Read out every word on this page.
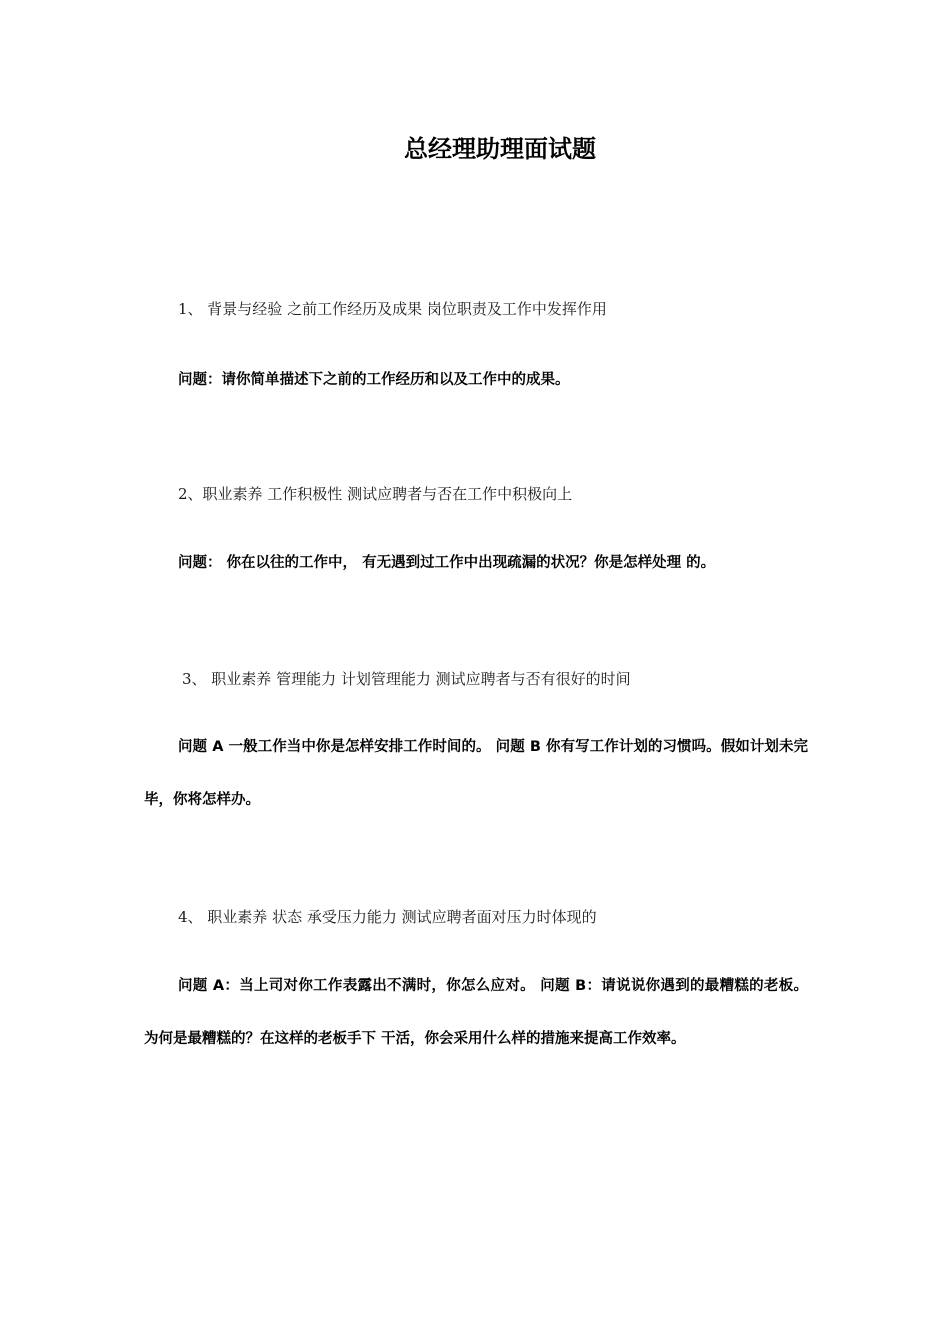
总经理助理面试题
1、 背景与经验 之前工作经历及成果 岗位职责及工作中发挥作用
问题：请你简单描述下之前的工作经历和以及工作中的成果。
2、职业素养 工作积极性 测试应聘者与否在工作中积极向上
问题： 你在以往的工作中， 有无遇到过工作中出现疏漏的状况？你是怎样处理 的。
3、 职业素养 管理能力 计划管理能力 测试应聘者与否有很好的时间
问题 A 一般工作当中你是怎样安排工作时间的。 问题 B 你有写工作计划的习惯吗。假如计划未完毕，你将怎样办。
4、 职业素养 状态 承受压力能力 测试应聘者面对压力时体现的
问题 A：当上司对你工作表露出不满时，你怎么应对。 问题 B：请说说你遇到的最糟糕的老板。为何是最糟糕的？在这样的老板手下 干活，你会采用什么样的措施来提高工作效率。
